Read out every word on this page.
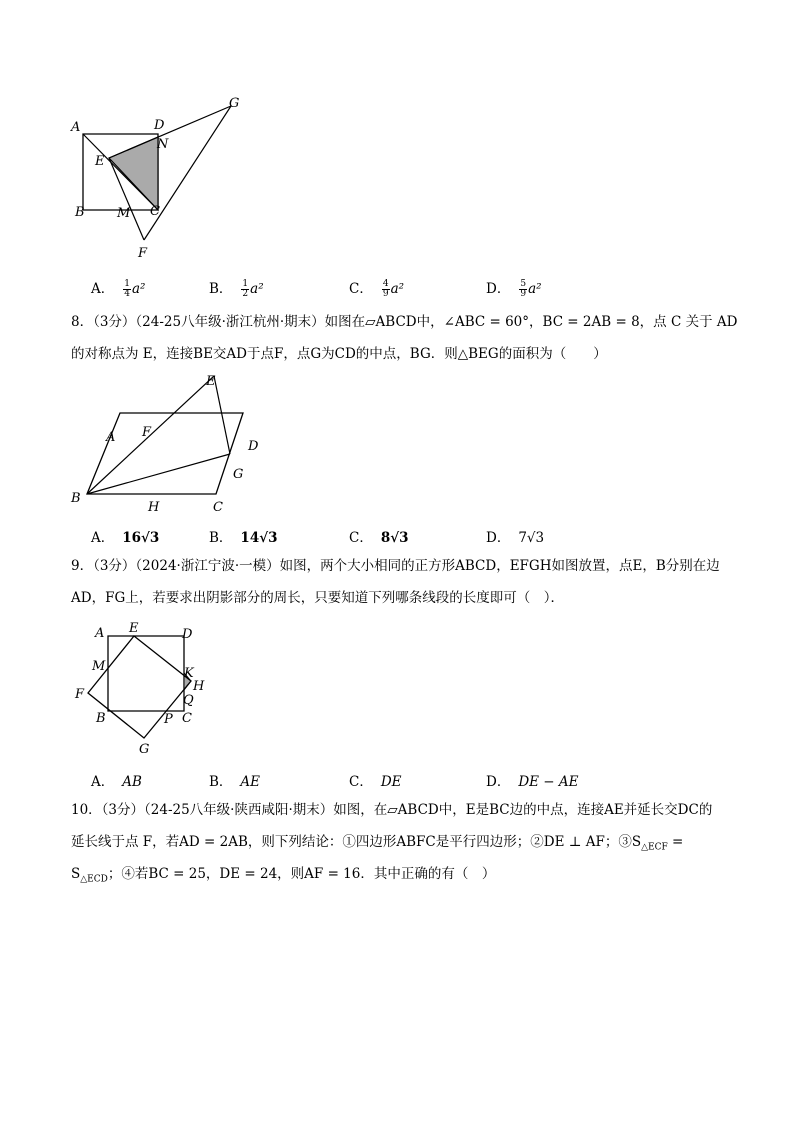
A	D
G
N
E
B M C
F
A． $\frac{1}{4} a^2$	B． $\frac{1}{2} a^2$	C． $\frac{4}{9} a^2$	D． $\frac{5}{9} a^2$
8．（3分）（24-25八年级·浙江杭州·期末）如图在▱ABCD中，∠ABC = 60°，BC = 2AB = 8，点 C 关于 AD
的对称点为 E，连接BE交AD于点F，点G为CD的中点，BG．则△BEG的面积为（　　）
E
A F
D
G
B
H	C
A． 16√3	B． 14√3	C． 8√3	D． 7√3
9．（3分）（2024·浙江宁波·一模）如图，两个大小相同的正方形ABCD，EFGH如图放置，点E，B分别在边
AD，FG上，若要求出阴影部分的周长，只要知道下列哪条线段的长度即可（　）．
A E	D
M	K
H
F	Q
B	P C
G
A． AB	B． AE	C． DE	D． DE − AE
10．（3分）（24-25八年级·陕西咸阳·期末）如图，在▱ABCD中，E是BC边的中点，连接AE并延长交DC的
延长线于点 F，若AD = 2AB，则下列结论：①四边形ABFC是平行四边形；②DE ⊥ AF；$③S_{\triangle ECF}$ =
$S_{\triangle ECD}$；④若BC = 25，DE = 24，则AF = 16．其中正确的有（　）
